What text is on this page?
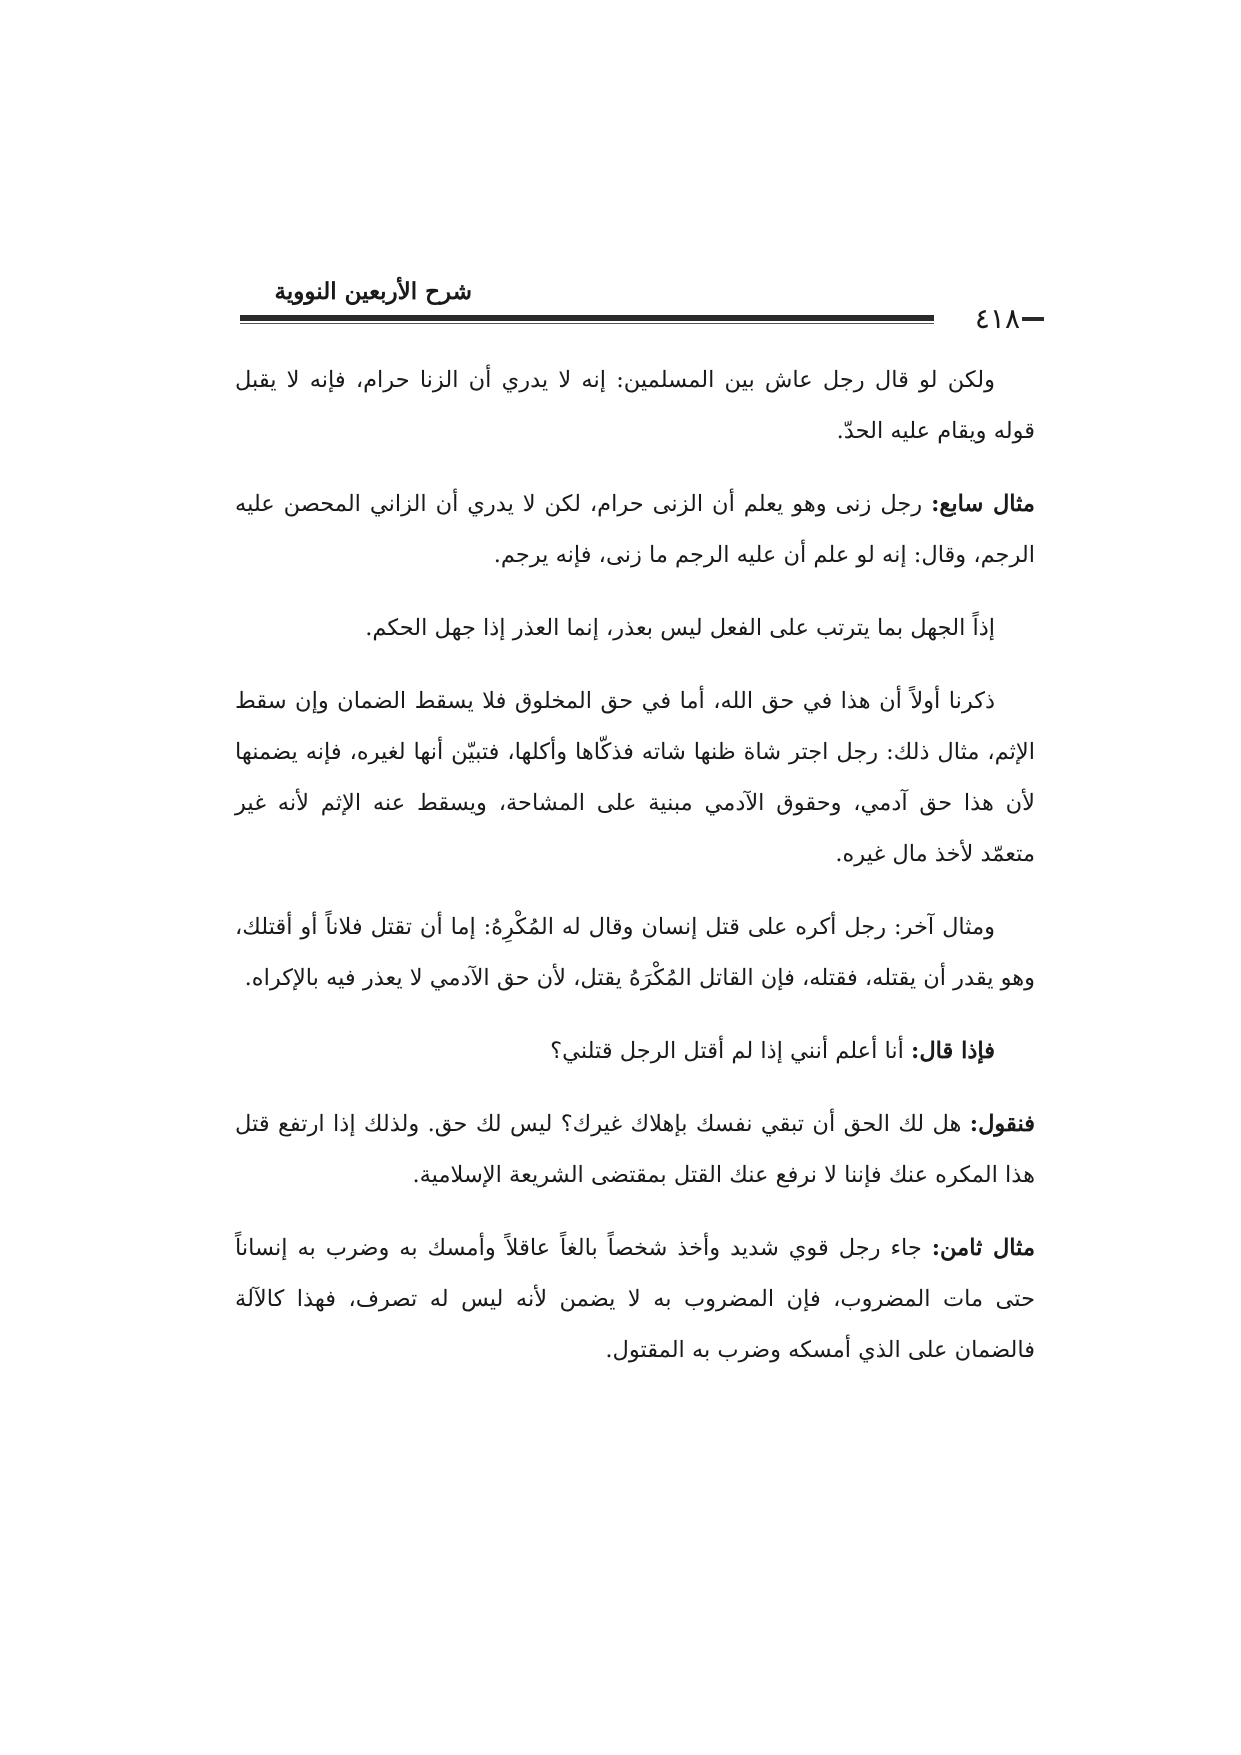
شرح الأربعين النووية
٤١٨

ولكن لو قال رجل عاش بين المسلمين: إنه لا يدري أن الزنا حرام، فإنه لا يقبل قوله ويقام عليه الحدّ.

مثال سابع: رجل زنى وهو يعلم أن الزنى حرام، لكن لا يدري أن الزاني المحصن عليه الرجم، وقال: إنه لو علم أن عليه الرجم ما زنى، فإنه يرجم.

إذاً الجهل بما يترتب على الفعل ليس بعذر، إنما العذر إذا جهل الحكم.

ذكرنا أولاً أن هذا في حق الله، أما في حق المخلوق فلا يسقط الضمان وإن سقط الإثم، مثال ذلك: رجل اجتر شاة ظنها شاته فذكّاها وأكلها، فتبيّن أنها لغيره، فإنه يضمنها لأن هذا حق آدمي، وحقوق الآدمي مبنية على المشاحة، ويسقط عنه الإثم لأنه غير متعمّد لأخذ مال غيره.

ومثال آخر: رجل أكره على قتل إنسان وقال له المُكْرِهُ: إما أن تقتل فلاناً أو أقتلك، وهو يقدر أن يقتله، فقتله، فإن القاتل المُكْرَهُ يقتل، لأن حق الآدمي لا يعذر فيه بالإكراه.

فإذا قال: أنا أعلم أنني إذا لم أقتل الرجل قتلني؟

فنقول: هل لك الحق أن تبقي نفسك بإهلاك غيرك؟ ليس لك حق. ولذلك إذا ارتفع قتل هذا المكره عنك فإننا لا نرفع عنك القتل بمقتضى الشريعة الإسلامية.

مثال ثامن: جاء رجل قوي شديد وأخذ شخصاً بالغاً عاقلاً وأمسك به وضرب به إنساناً حتى مات المضروب، فإن المضروب به لا يضمن لأنه ليس له تصرف، فهذا كالآلة فالضمان على الذي أمسكه وضرب به المقتول.
